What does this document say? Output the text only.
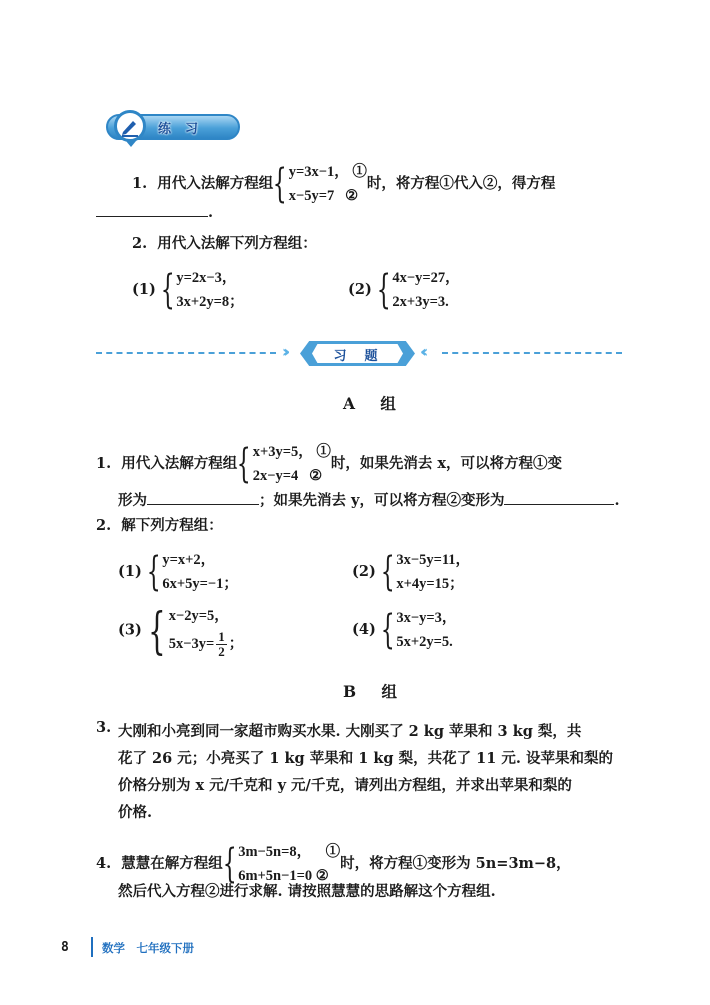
练习
1. 用代入法解方程组 { y=3x−1， ①
x−5y=7 ②
时，将方程①代入②，得方程
.
2. 用代入法解下列方程组：
(1) { y=2x−3，
3x+2y=8；
(2) { 4x−y=27，
2x+3y=3.
››	习题	‹‹
A 组
1. 用代入法解方程组 { x+3y=5， ①
2x−y=4 ②
时，如果先消去 x，可以将方程①变
形为	；如果先消去 y，可以将方程②变形为	.
2. 解下列方程组：
(1) { y=x+2，
6x+5y=−1；
(2) { 3x−5y=11，
x+4y=15；
(3) { x−2y=5，
$5x-3y= \frac{1}{2}$ ；
(4) { 3x−y=3，
5x+2y=5.
B 组
3. 大刚和小亮到同一家超市购买水果. 大刚买了 2 kg 苹果和 3 kg 梨，共
花了 26 元；小亮买了 1 kg 苹果和 1 kg 梨，共花了 11 元. 设苹果和梨的
价格分别为 x 元/千克和 y 元/千克，请列出方程组，并求出苹果和梨的
价格.
4. 慧慧在解方程组 { 3m−5n=8， ①
6m+5n−1=0 ②
时，将方程①变形为 5n=3m−8，
然后代入方程②进行求解. 请按照慧慧的思路解这个方程组.
8	数学　七年级下册
